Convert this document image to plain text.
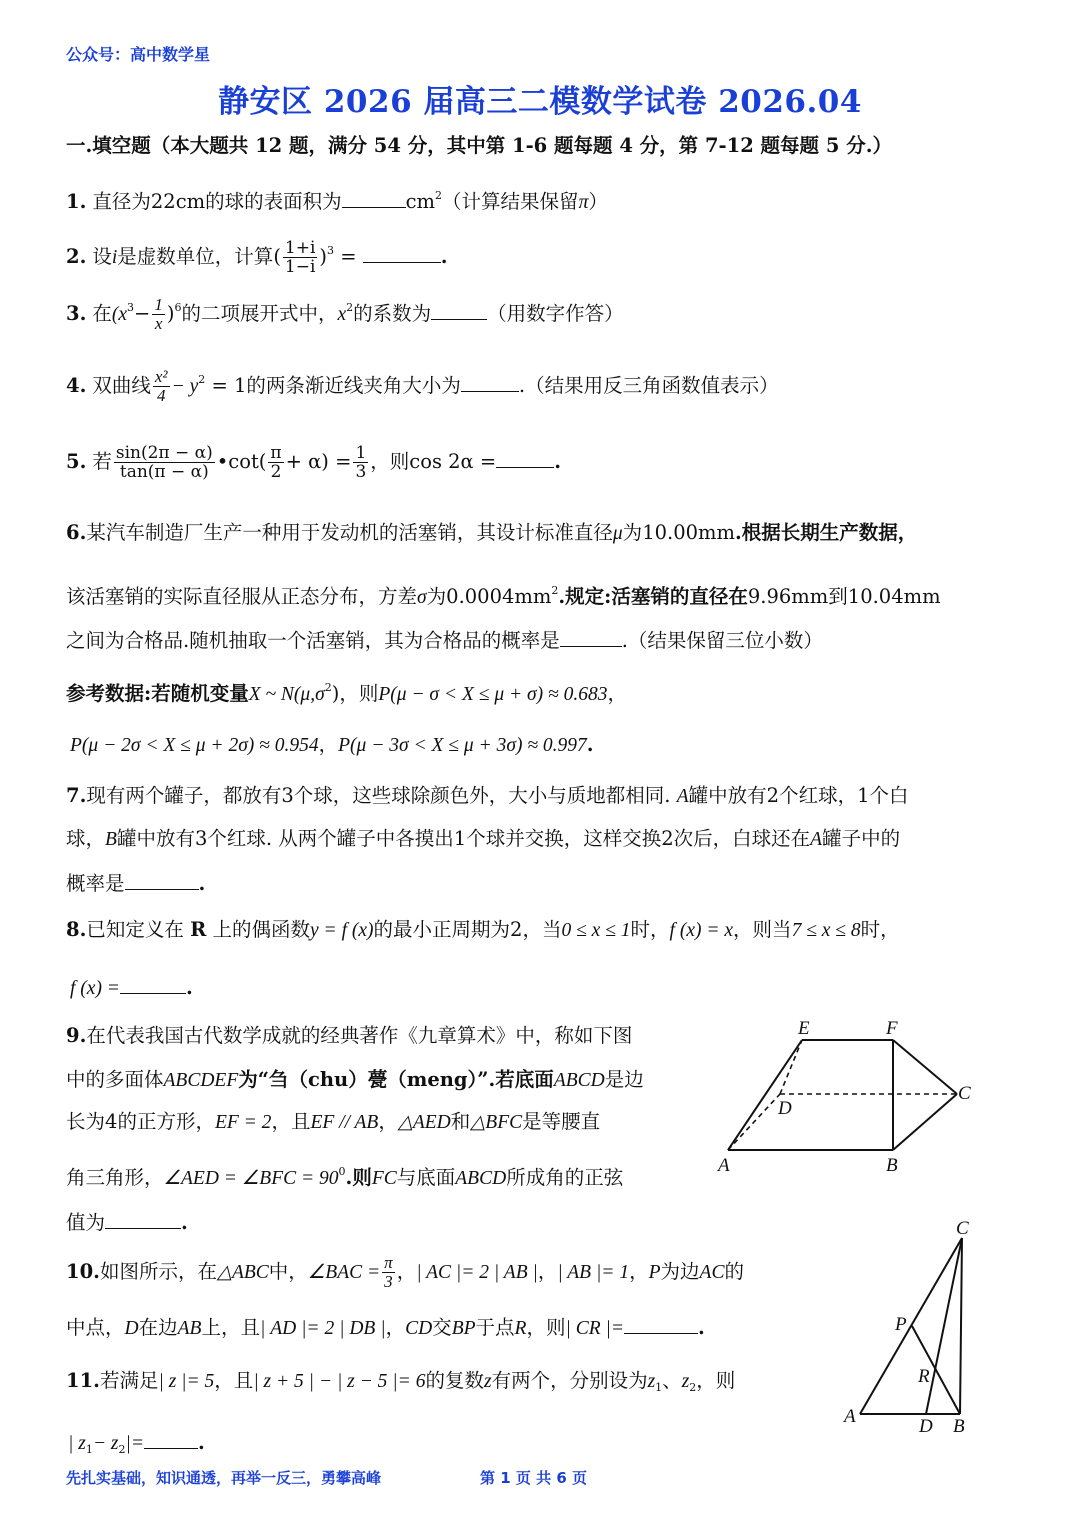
公众号：高中数学星
静安区 2026 届高三二模数学试卷 2026.04
一.填空题（本大题共 12 题，满分 54 分，其中第 1-6 题每题 4 分，第 7-12 题每题 5 分.）
1. 直径为22cm的球的表面积为	$cm^2$（计算结果保留π）
2. 设i是虚数单位，计算( $\frac{1+i}{1-i} )^3$ =	.
3. 在$(x^3- \frac{1}{x} )^6$的二项展开式中，$x^2$的系数为	（用数字作答）
4. 双曲线 $\frac{\text{x²}}{4} - y^2 = 1$的两条渐近线夹角大小为	.（结果用反三角函数值表示）
5. 若 $\frac{\sin(2\pi - \alpha)}{\tan(\pi - \alpha)}$ •cot( $\frac{\pi}{2} + \alpha) = \frac{1}{3}$ ，则cos 2α =	.
6.某汽车制造厂生产一种用于发动机的活塞销，其设计标准直径μ为10.00mm.根据长期生产数据，
该活塞销的实际直径服从正态分布，方差σ为$0.0004mm^2$.规定:活塞销的直径在9.96mm到10.04mm
之间为合格品.随机抽取一个活塞销，其为合格品的概率是	.（结果保留三位小数）
参考数据:若随机变量X ~ $N(\mu,\sigma^2)$，则P(μ − σ < X ≤ μ + σ) ≈ 0.683，
P(μ − 2σ < X ≤ μ + 2σ) ≈ 0.954，P(μ − 3σ < X ≤ μ + 3σ) ≈ 0.997.
7.现有两个罐子，都放有3个球，这些球除颜色外，大小与质地都相同. A罐中放有2个红球，1个白
球，B罐中放有3个红球. 从两个罐子中各摸出1个球并交换，这样交换2次后，白球还在A罐子中的
概率是	.
8.已知定义在 R 上的偶函数y = f (x)的最小正周期为2，当0 ≤ x ≤ 1时，f (x) = x，则当7 ≤ x ≤ 8时，
f (x) =	.
9.在代表我国古代数学成就的经典著作《九章算术》中，称如下图
中的多面体ABCDEF为“刍（chu）甍（meng）”.若底面ABCD是边
长为4的正方形，EF = 2，且EF // AB，△AED和△BFC是等腰直
角三角形，∠AED = ∠BFC = $90^0$.则FC与底面ABCD所成角的正弦
值为	.
E	F
C
D
A	B
10.如图所示，在△ABC中，∠BAC = $\frac{\pi}{3}$ ，| AC |= 2 | AB |，| AB |= 1，P为边AC的
中点，D在边AB上，且| AD |= 2 | DB |，CD交BP于点R，则| CR |=	.
C
P
R
A	D B
11.若满足| z |= 5，且| z + 5 | − | z − 5 |= 6的复数z有两个，分别设为$z_1$、$z_2$，则
| $z_1- z_2|=$	.
先扎实基础，知识通透，再举一反三，勇攀高峰	第 1 页 共 6 页
